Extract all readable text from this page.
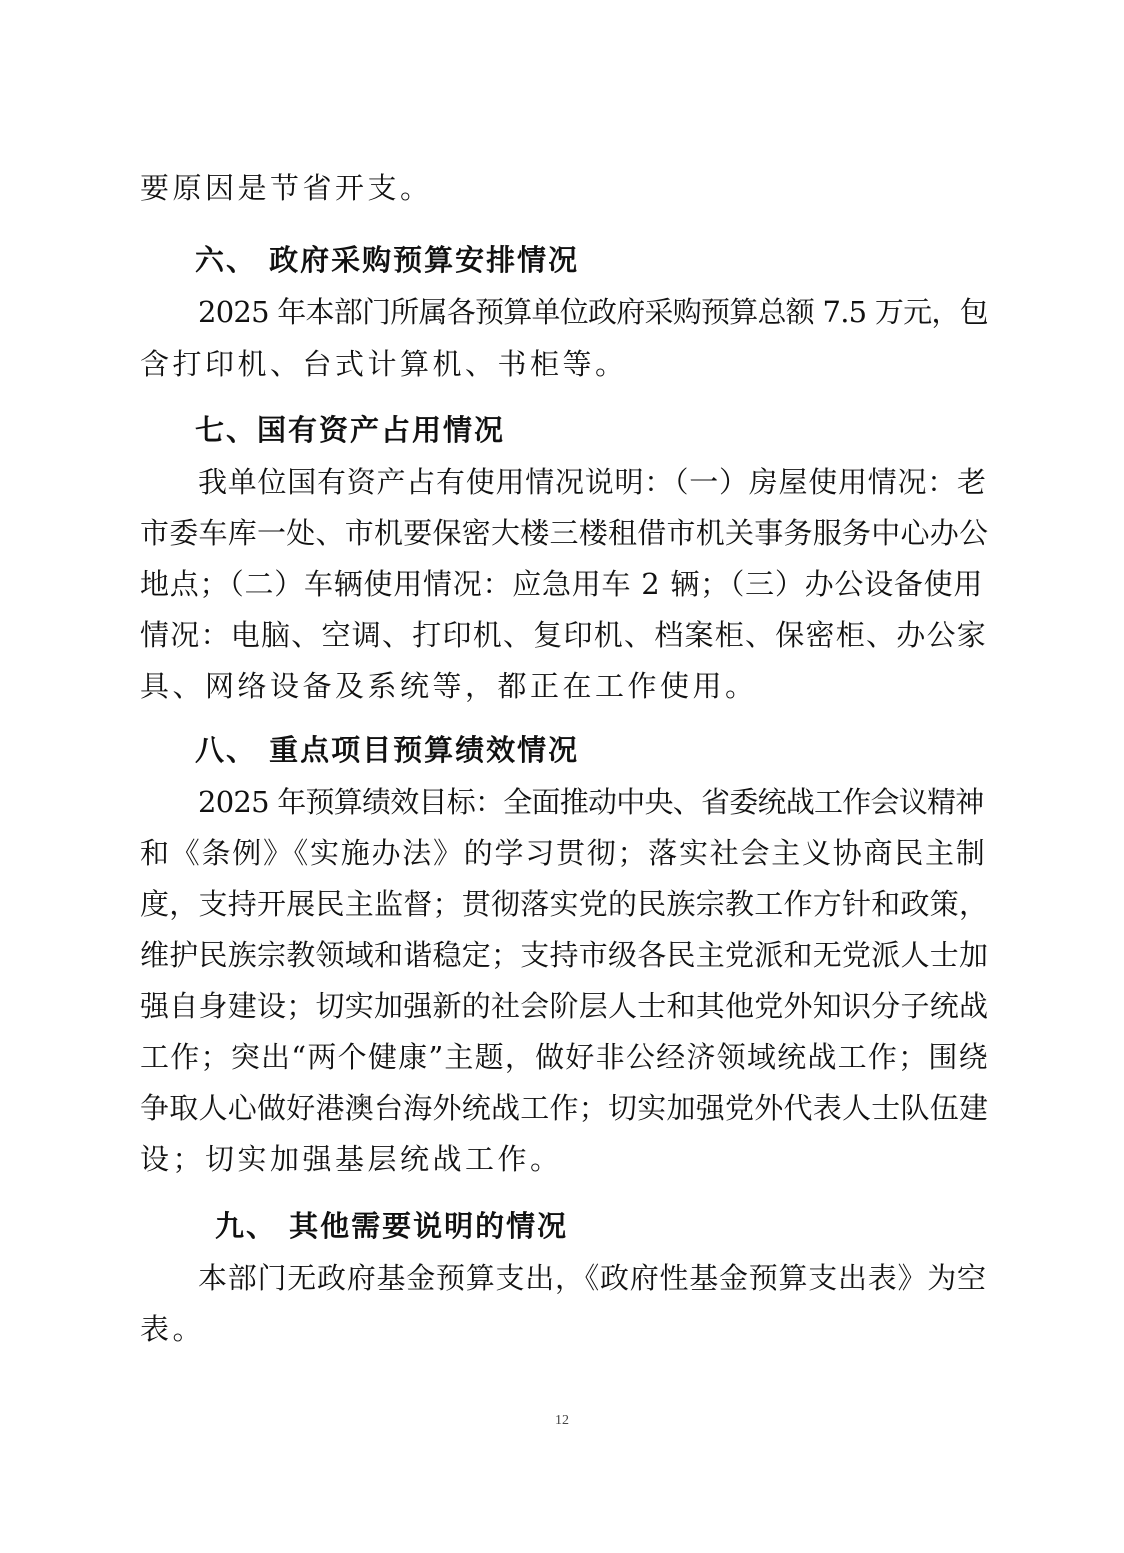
要原因是节省开支。
六、 政府采购预算安排情况
2025 年本部门所属各预算单位政府采购预算总额 7.5 万元，包
含打印机、台式计算机、书柜等。
七、国有资产占用情况
我单位国有资产占有使用情况说明：（一）房屋使用情况：老
市委车库一处、市机要保密大楼三楼租借市机关事务服务中心办公
地点；（二）车辆使用情况：应急用车 2 辆；（三）办公设备使用
情况：电脑、空调、打印机、复印机、档案柜、保密柜、办公家
具、网络设备及系统等，都正在工作使用。
八、 重点项目预算绩效情况
2025 年预算绩效目标：全面推动中央、省委统战工作会议精神
和《条例》《实施办法》的学习贯彻；落实社会主义协商民主制
度，支持开展民主监督；贯彻落实党的民族宗教工作方针和政策，
维护民族宗教领域和谐稳定；支持市级各民主党派和无党派人士加
强自身建设；切实加强新的社会阶层人士和其他党外知识分子统战
工作；突出“两个健康”主题，做好非公经济领域统战工作；围绕
争取人心做好港澳台海外统战工作；切实加强党外代表人士队伍建
设；切实加强基层统战工作。
九、 其他需要说明的情况
本部门无政府基金预算支出，《政府性基金预算支出表》为空
表。
12
